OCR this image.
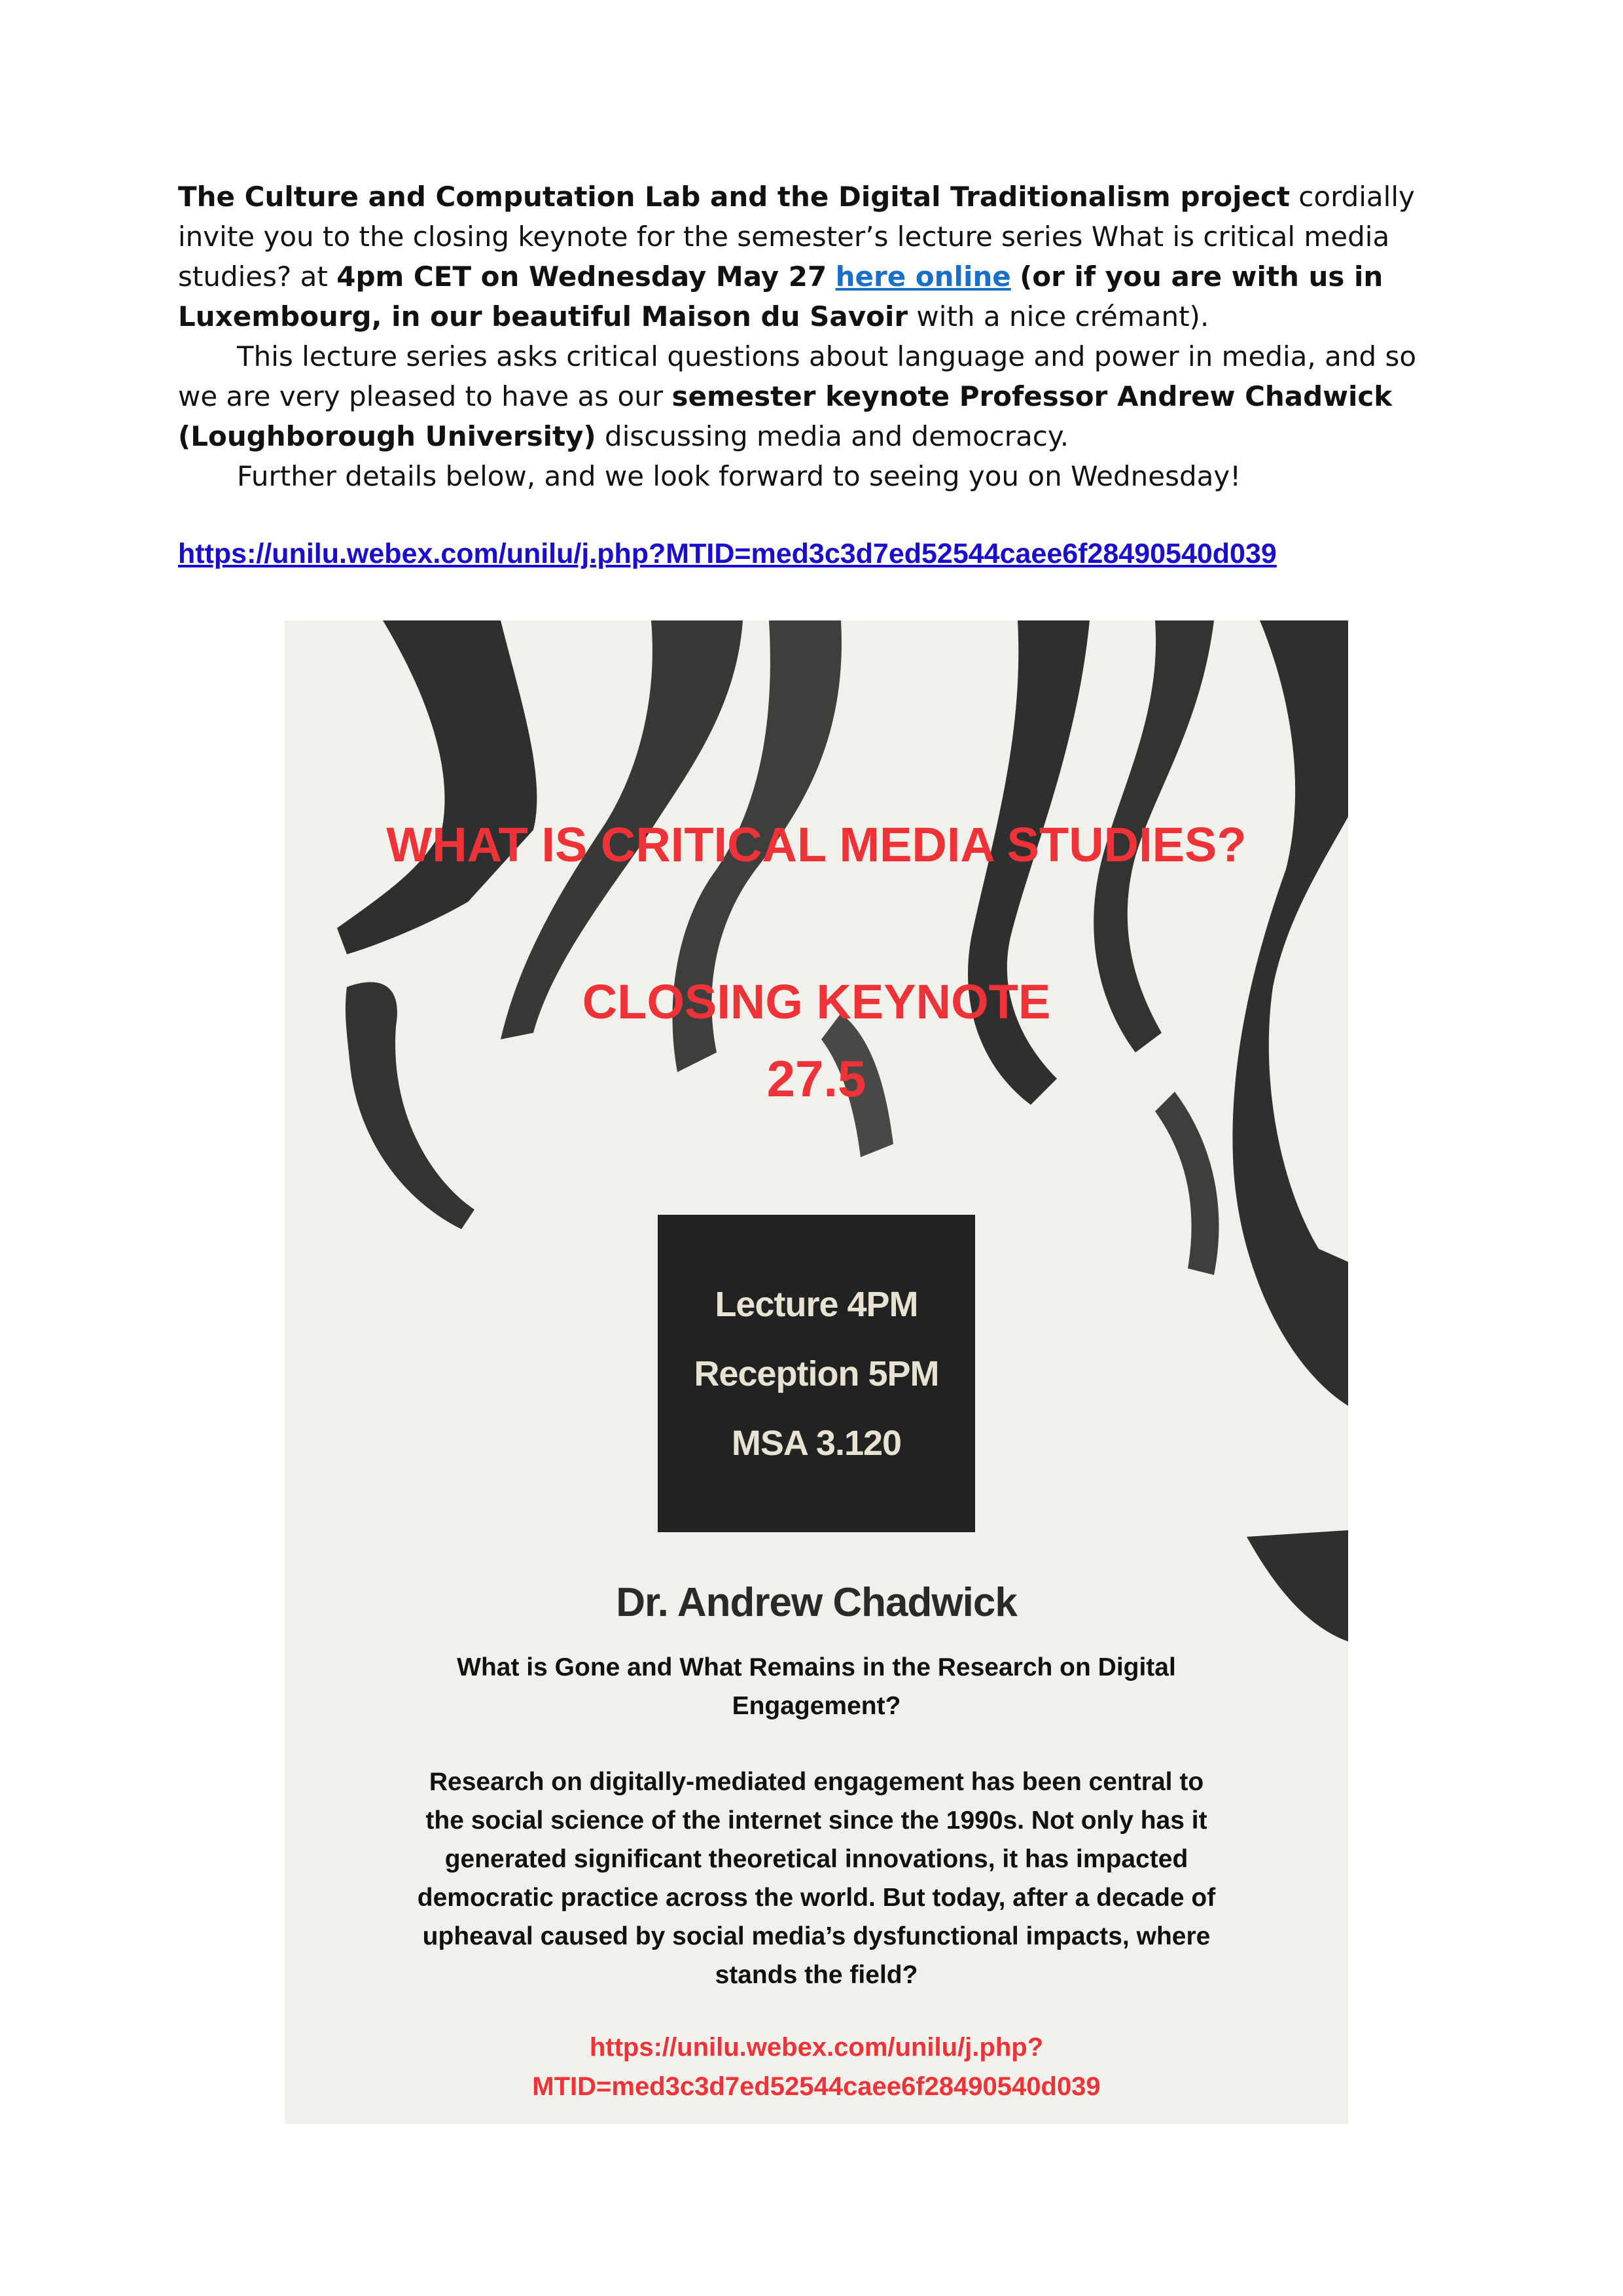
The Culture and Computation Lab and the Digital Traditionalism project cordially invite you to the closing keynote for the semester’s lecture series What is critical media studies? at 4pm CET on Wednesday May 27 here online (or if you are with us in Luxembourg, in our beautiful Maison du Savoir with a nice crémant).

This lecture series asks critical questions about language and power in media, and so we are very pleased to have as our semester keynote Professor Andrew Chadwick (Loughborough University) discussing media and democracy.

Further details below, and we look forward to seeing you on Wednesday!

https://unilu.webex.com/unilu/j.php?MTID=med3c3d7ed52544caee6f28490540d039
WHAT IS CRITICAL MEDIA STUDIES?
CLOSING KEYNOTE
27.5
Lecture 4PM
Reception 5PM
MSA 3.120
Dr. Andrew Chadwick
What is Gone and What Remains in the Research on Digital Engagement?
Research on digitally-mediated engagement has been central to the social science of the internet since the 1990s. Not only has it generated significant theoretical innovations, it has impacted democratic practice across the world. But today, after a decade of upheaval caused by social media’s dysfunctional impacts, where stands the field?
https://unilu.webex.com/unilu/j.php?
MTID=med3c3d7ed52544caee6f28490540d039
